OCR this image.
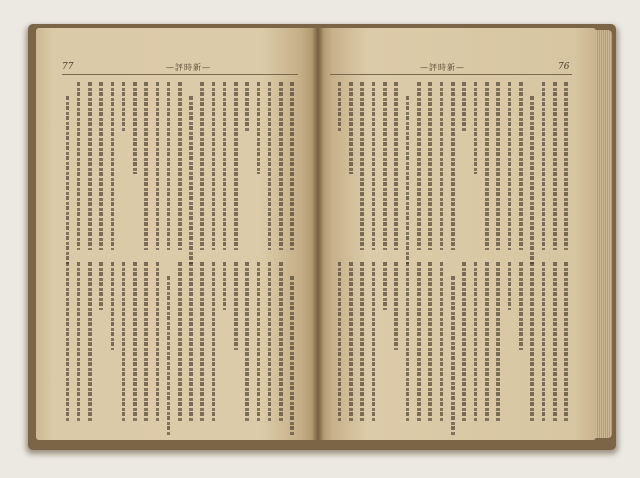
77	—評時新—	—評時新—	76
